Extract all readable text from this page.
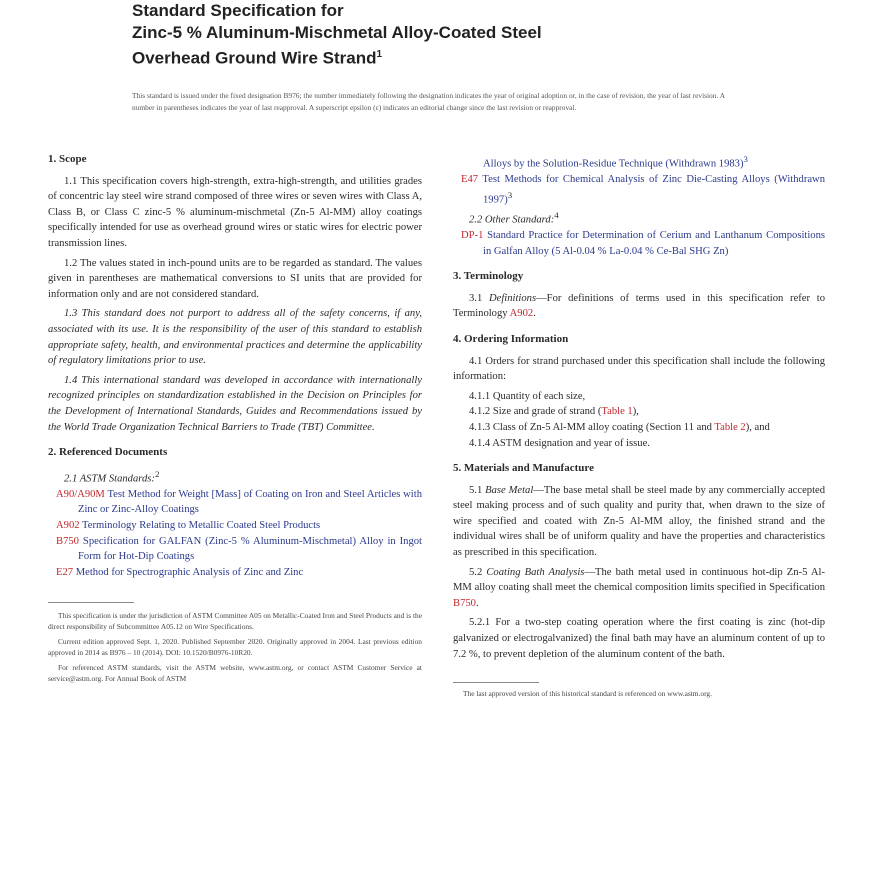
Standard Specification for
Zinc-5 % Aluminum-Mischmetal Alloy-Coated Steel
Overhead Ground Wire Strand$^1$
This standard is issued under the fixed designation B976; the number immediately following the designation indicates the year of original adoption or, in the case of revision, the year of last revision. A number in parentheses indicates the year of last reapproval. A superscript epsilon (ε) indicates an editorial change since the last revision or reapproval.
1. Scope
1.1 This specification covers high-strength, extra-high-strength, and utilities grades of concentric lay steel wire strand composed of three wires or seven wires with Class A, Class B, or Class C zinc-5 % aluminum-mischmetal (Zn-5 Al-MM) alloy coatings specifically intended for use as overhead ground wires or static wires for electric power transmission lines.
1.2 The values stated in inch-pound units are to be regarded as standard. The values given in parentheses are mathematical conversions to SI units that are provided for information only and are not considered standard.
1.3 This standard does not purport to address all of the safety concerns, if any, associated with its use. It is the responsibility of the user of this standard to establish appropriate safety, health, and environmental practices and determine the applicability of regulatory limitations prior to use.
1.4 This international standard was developed in accordance with internationally recognized principles on standardization established in the Decision on Principles for the Development of International Standards, Guides and Recommendations issued by the World Trade Organization Technical Barriers to Trade (TBT) Committee.
2. Referenced Documents
2.1 ASTM Standards:$^2$
A90/A90M Test Method for Weight [Mass] of Coating on Iron and Steel Articles with Zinc or Zinc-Alloy Coatings
A902 Terminology Relating to Metallic Coated Steel Products
B750 Specification for GALFAN (Zinc-5 % Aluminum-Mischmetal) Alloy in Ingot Form for Hot-Dip Coatings
E27 Method for Spectrographic Analysis of Zinc and Zinc
This specification is under the jurisdiction of ASTM Committee A05 on Metallic-Coated Iron and Steel Products and is the direct responsibility of Subcommittee A05.12 on Wire Specifications.
Current edition approved Sept. 1, 2020. Published September 2020. Originally approved in 2004. Last previous edition approved in 2014 as B976 – 10 (2014). DOI: 10.1520/B0976-10R20.
For referenced ASTM standards, visit the ASTM website, www.astm.org, or contact ASTM Customer Service at service@astm.org. For Annual Book of ASTM
Alloys by the Solution-Residue Technique (Withdrawn 1983)$^3$
E47 Test Methods for Chemical Analysis of Zinc Die-Casting Alloys (Withdrawn 1997)$^3$
2.2 Other Standard:$^4$
DP-1 Standard Practice for Determination of Cerium and Lanthanum Compositions in Galfan Alloy (5 Al-0.04 % La-0.04 % Ce-Bal SHG Zn)
3. Terminology
3.1 Definitions—For definitions of terms used in this specification refer to Terminology A902.
4. Ordering Information
4.1 Orders for strand purchased under this specification shall include the following information:
4.1.1 Quantity of each size,
4.1.2 Size and grade of strand (Table 1),
4.1.3 Class of Zn-5 Al-MM alloy coating (Section 11 and Table 2), and
4.1.4 ASTM designation and year of issue.
5. Materials and Manufacture
5.1 Base Metal—The base metal shall be steel made by any commercially accepted steel making process and of such quality and purity that, when drawn to the size of wire specified and coated with Zn-5 Al-MM alloy, the finished strand and the individual wires shall be of uniform quality and have the properties and characteristics as prescribed in this specification.
5.2 Coating Bath Analysis—The bath metal used in continuous hot-dip Zn-5 Al-MM alloy coating shall meet the chemical composition limits specified in Specification B750.
5.2.1 For a two-step coating operation where the first coating is zinc (hot-dip galvanized or electrogalvanized) the final bath may have an aluminum content of up to 7.2 %, to prevent depletion of the aluminum content of the bath.
The last approved version of this historical standard is referenced on www.astm.org.
